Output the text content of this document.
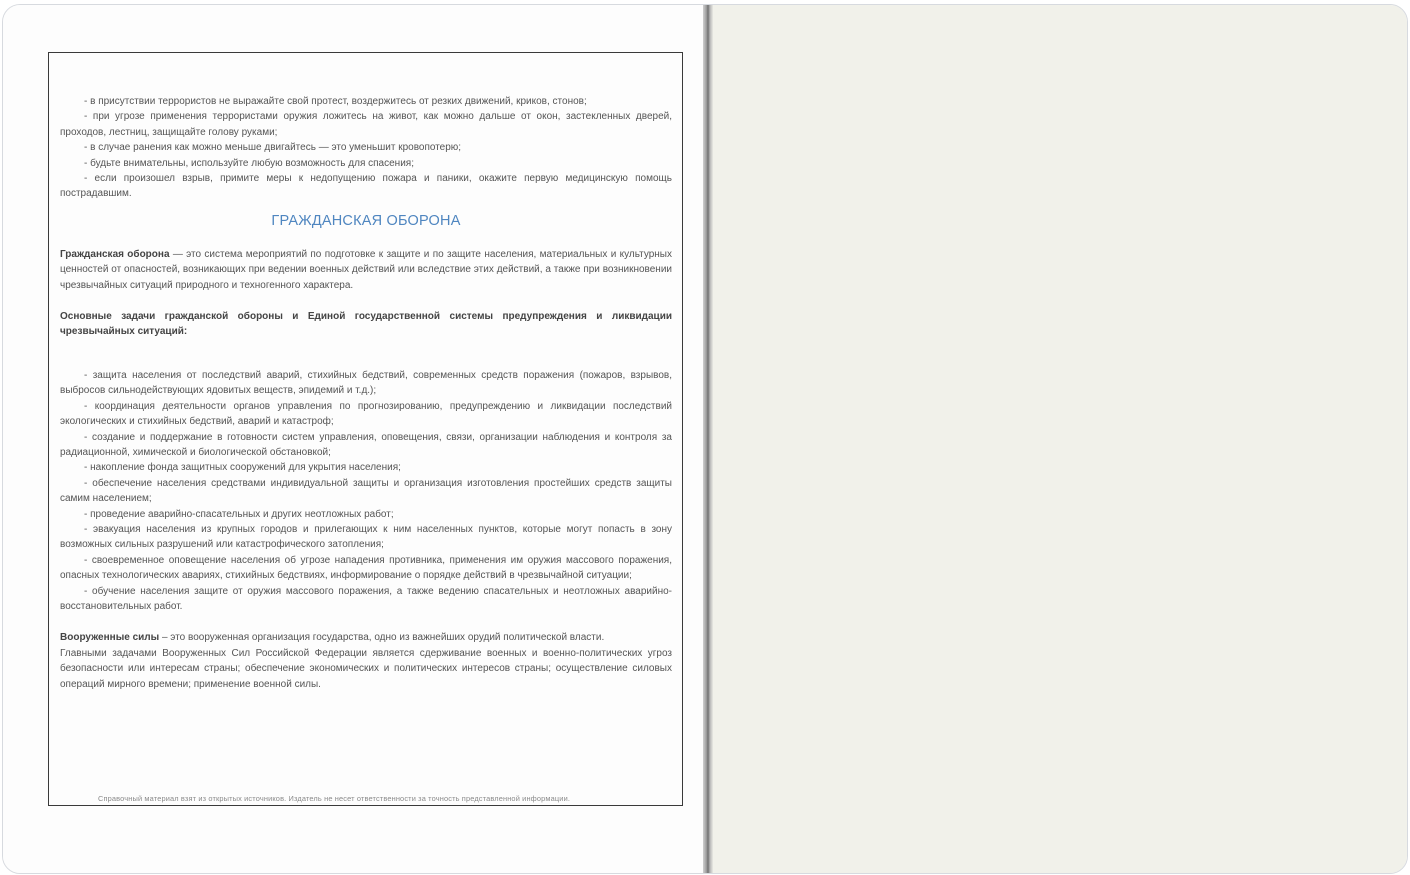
- в присутствии террористов не выражайте свой протест, воздержитесь от резких движений, криков, стонов;

- при угрозе применения террористами оружия ложитесь на живот, как можно дальше от окон, застекленных дверей, проходов, лестниц, защищайте голову руками;

- в случае ранения как можно меньше двигайтесь — это уменьшит кровопотерю;

- будьте внимательны, используйте любую возможность для спасения;

- если произошел взрыв, примите меры к недопущению пожара и паники, окажите первую медицинскую помощь пострадавшим.

ГРАЖДАНСКАЯ ОБОРОНА

Гражданская оборона — это система мероприятий по подготовке к защите и по защите населения, материальных и культурных ценностей от опасностей, возникающих при ведении военных действий или вследствие этих действий, а также при возникновении чрезвычайных ситуаций природного и техногенного характера.

Основные задачи гражданской обороны и Единой государственной системы предупреждения и ликвидации чрезвычайных ситуаций:

- защита населения от последствий аварий, стихийных бедствий, современных средств поражения (пожаров, взрывов, выбросов сильнодействующих ядовитых веществ, эпидемий и т.д.);

- координация деятельности органов управления по прогнозированию, предупреждению и ликвидации последствий экологических и стихийных бедствий, аварий и катастроф;

- создание и поддержание в готовности систем управления, оповещения, связи, организации наблюдения и контроля за радиационной, химической и биологической обстановкой;

- накопление фонда защитных сооружений для укрытия населения;

- обеспечение населения средствами индивидуальной защиты и организация изготовления простейших средств защиты самим населением;

- проведение аварийно-спасательных и других неотложных работ;

- эвакуация населения из крупных городов и прилегающих к ним населенных пунктов, которые могут попасть в зону возможных сильных разрушений или катастрофического затопления;

- своевременное оповещение населения об угрозе нападения противника, применения им оружия массового поражения, опасных технологических авариях, стихийных бедствиях, информирование о порядке действий в чрезвычайной ситуации;

- обучение населения защите от оружия массового поражения, а также ведению спасательных и неотложных аварийно-восстановительных работ.

Вооруженные силы – это вооруженная организация государства, одно из важнейших орудий политической власти.

Главными задачами Вооруженных Сил Российской Федерации является сдерживание военных и военно-политических угроз безопасности или интересам страны; обеспечение экономических и политических интересов страны; осуществление силовых операций мирного времени; применение военной силы.

Справочный материал взят из открытых источников. Издатель не несет ответственности за точность представленной информации.
